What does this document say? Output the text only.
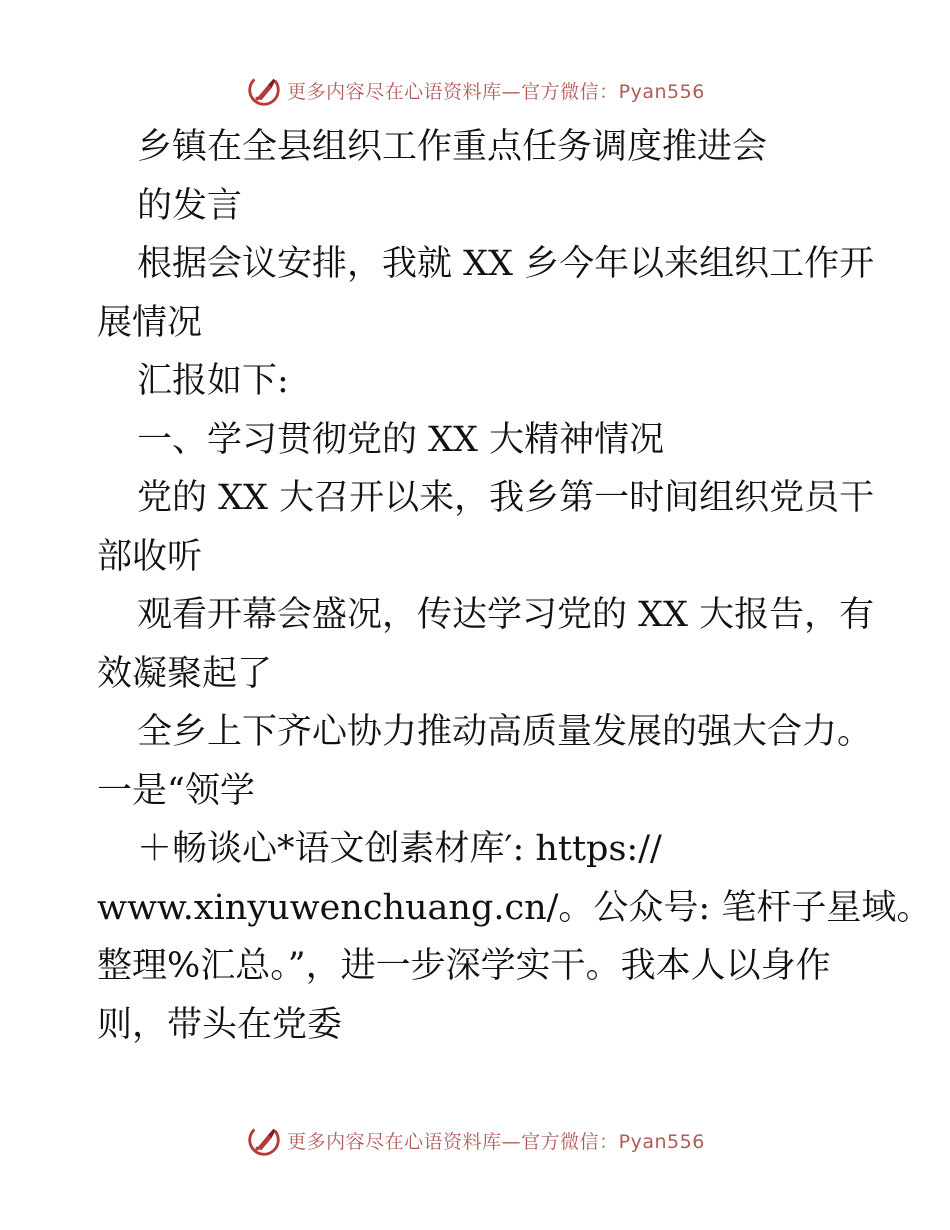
更多内容尽在心语资料库—官方微信：Pyan556
乡镇在全县组织工作重点任务调度推进会
的发言
根据会议安排，我就 XX 乡今年以来组织工作开
展情况
汇报如下:
一、学习贯彻党的 XX 大精神情况
党的 XX 大召开以来，我乡第一时间组织党员干
部收听
观看开幕会盛况，传达学习党的 XX 大报告，有
效凝聚起了
全乡上下齐心协力推动高质量发展的强大合力。
一是“领学
＋畅谈心*语文创素材库′: https://
www.xinyuwenchuang.cn/。公众号: 笔杆子星域。
整理%汇总。”，进一步深学实干。我本人以身作
则，带头在党委
更多内容尽在心语资料库—官方微信：Pyan556
